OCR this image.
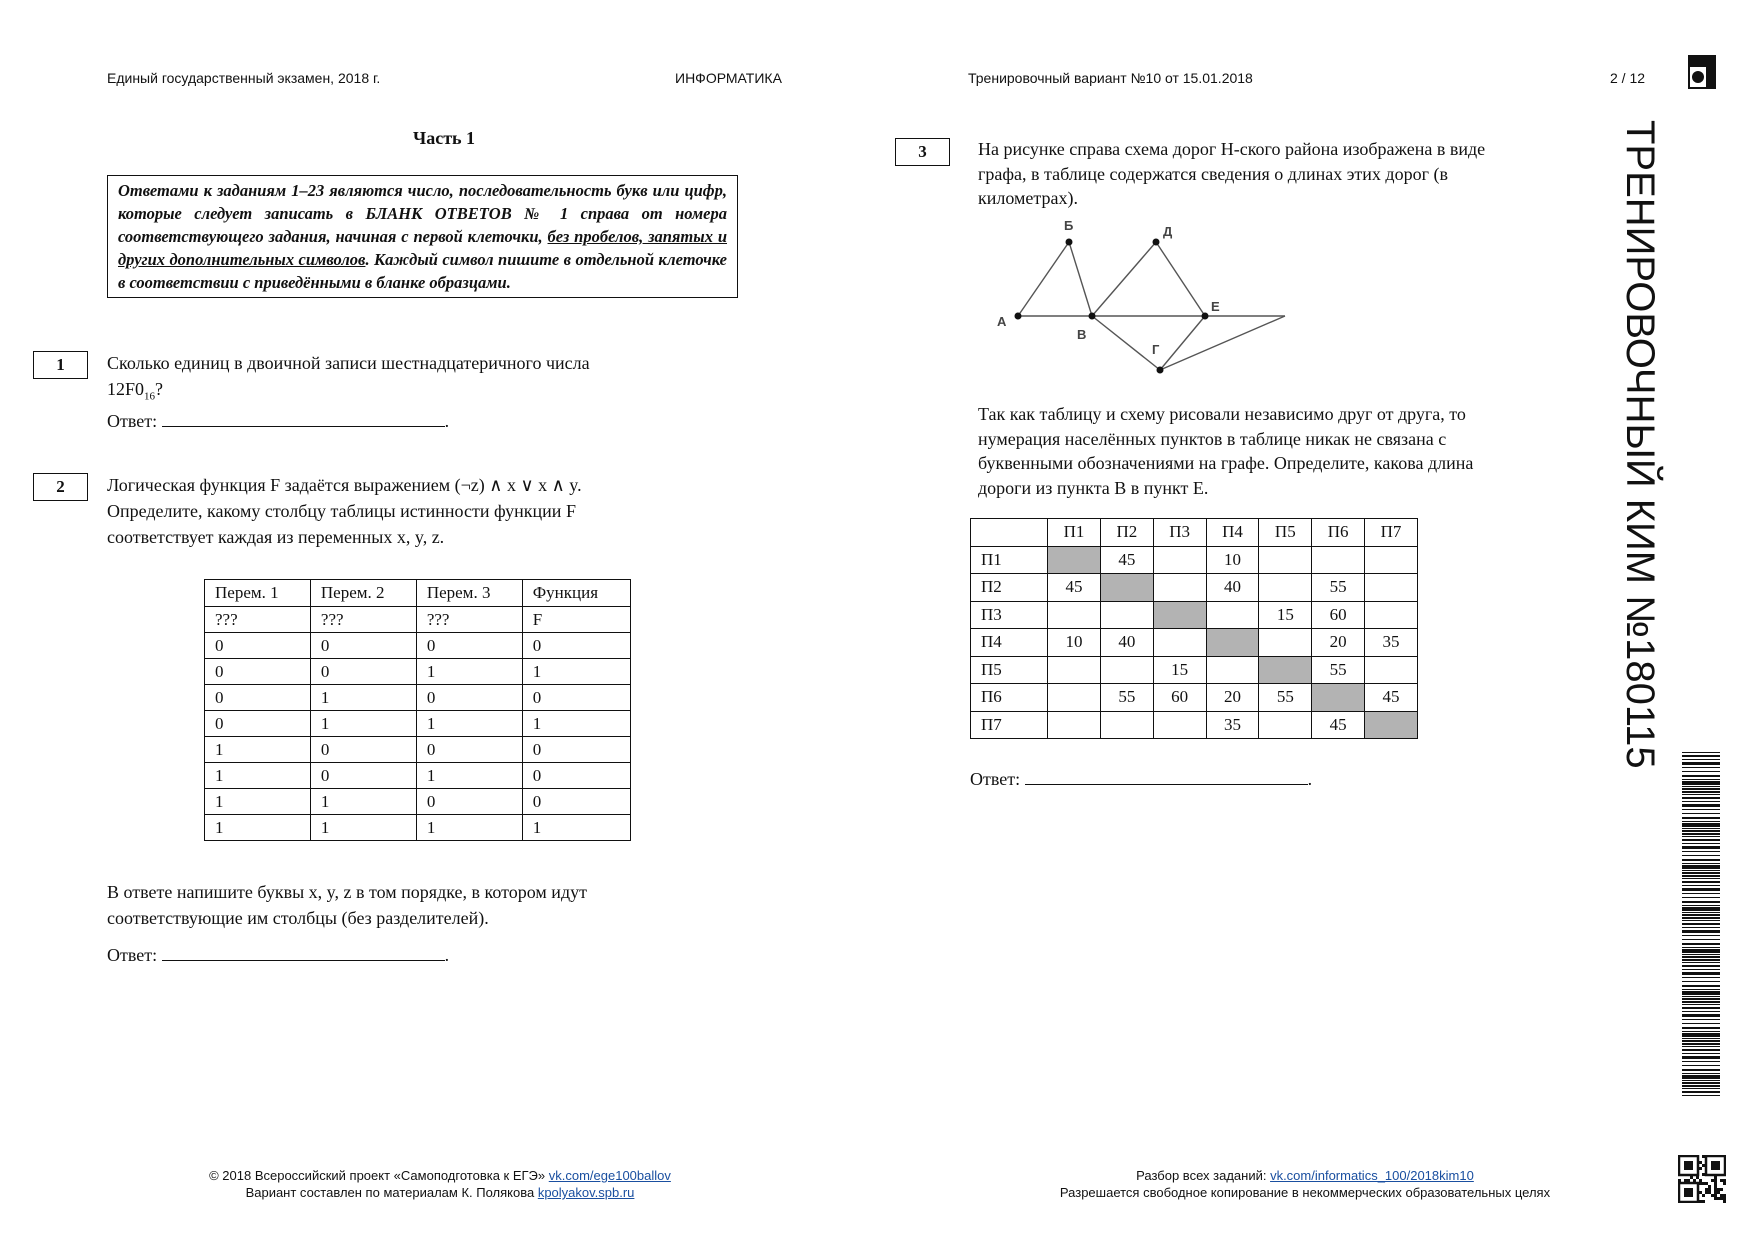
Единый государственный экзамен, 2018 г.	ИНФОРМАТИКА	Тренировочный вариант №10 от 15.01.2018	2 / 12
Часть 1
Ответами к заданиям 1–23 являются число, последовательность букв или цифр, которые следует записать в БЛАНК ОТВЕТОВ № 1 справа от номера соответствующего задания, начиная с первой клеточки, без пробелов, запятых и других дополнительных символов. Каждый символ пишите в отдельной клеточке в соответствии с приведёнными в бланке образцами.
1	Сколько единиц в двоичной записи шестнадцатеричного числа
$12F0_{16}$?
Ответ:	.
2	Логическая функция F задаётся выражением (¬z) ∧ x ∨ x ∧ y.
Определите, какому столбцу таблицы истинности функции F
соответствует каждая из переменных x, y, z.
Перем. 1	Перем. 2	Перем. 3	Функция
???	???	???	F
0	0	0	0
0	0	1	1
0	1	0	0
0	1	1	1
1	0	0	0
1	0	1	0
1	1	0	0
1	1	1	1
В ответе напишите буквы x, y, z в том порядке, в котором идут
соответствующие им столбцы (без разделителей).
Ответ:	.
3	На рисунке справа схема дорог Н-ского района изображена в виде
графа, в таблице содержатся сведения о длинах этих дорог (в
километрах).
А
Б
В
Г
Д
Е
Так как таблицу и схему рисовали независимо друг от друга, то
нумерация населённых пунктов в таблице никак не связана с
буквенными обозначениями на графе. Определите, какова длина
дороги из пункта В в пункт Е.
	П1	П2	П3	П4	П5	П6	П7
П1		45		10			
П2	45			40		55	
П3					15	60	
П4	10	40				20	35
П5			15			55	
П6		55	60	20	55		45
П7				35		45	
Ответ:	.
© 2018 Всероссийский проект «Самоподготовка к ЕГЭ» vk.com/ege100ballov
Вариант составлен по материалам К. Полякова kpolyakov.spb.ru
Разбор всех заданий: vk.com/informatics_100/2018kim10
Разрешается свободное копирование в некоммерческих образовательных целях
ТРЕНИРОВОЧНЫЙ КИМ №180115
